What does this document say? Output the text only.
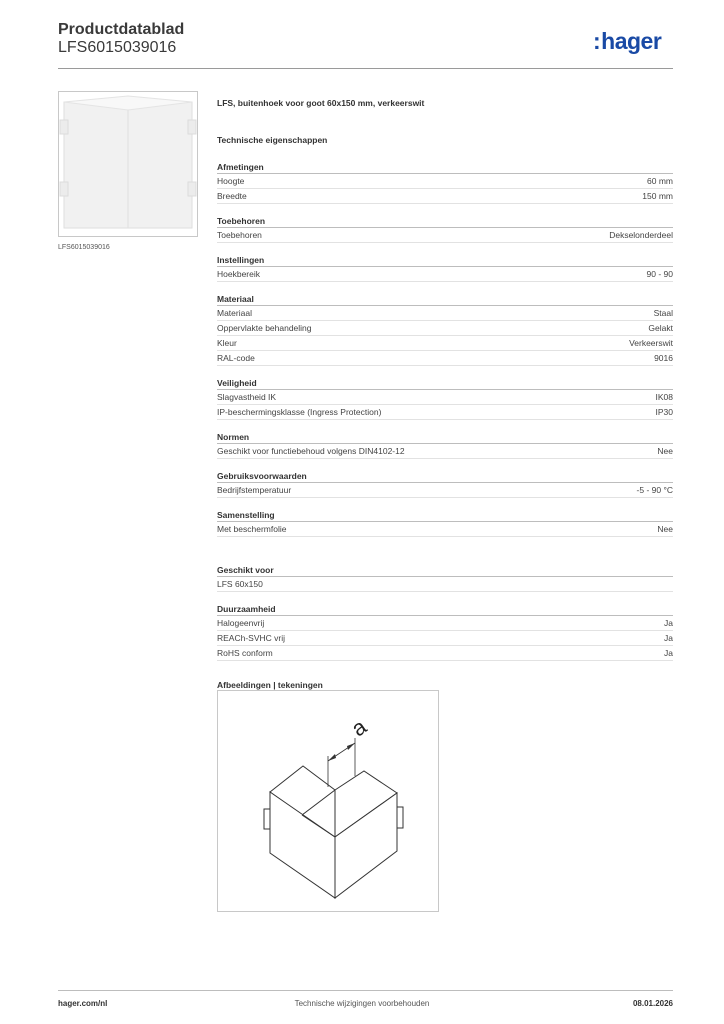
Productdatablad
LFS6015039016	:hager
LFS6015039016
LFS, buitenhoek voor goot 60x150 mm, verkeerswit
Technische eigenschappen
Afmetingen
Hoogte	60 mm
Breedte	150 mm
Toebehoren
Toebehoren	Dekselonderdeel
Instellingen
Hoekbereik	90 - 90
Materiaal
Materiaal	Staal
Oppervlakte behandeling	Gelakt
Kleur	Verkeerswit
RAL-code	9016
Veiligheid
Slagvastheid IK	IK08
IP-beschermingsklasse (Ingress Protection)	IP30
Normen
Geschikt voor functiebehoud volgens DIN4102-12	Nee
Gebruiksvoorwaarden
Bedrijfstemperatuur	-5 - 90 °C
Samenstelling
Met beschermfolie	Nee
Geschikt voor
LFS 60x150
Duurzaamheid
Halogeenvrij	Ja
REACh-SVHC vrij	Ja
RoHS conform	Ja
Afbeeldingen | tekeningen
a
hager.com/nl	Technische wijzigingen voorbehouden	08.01.2026
